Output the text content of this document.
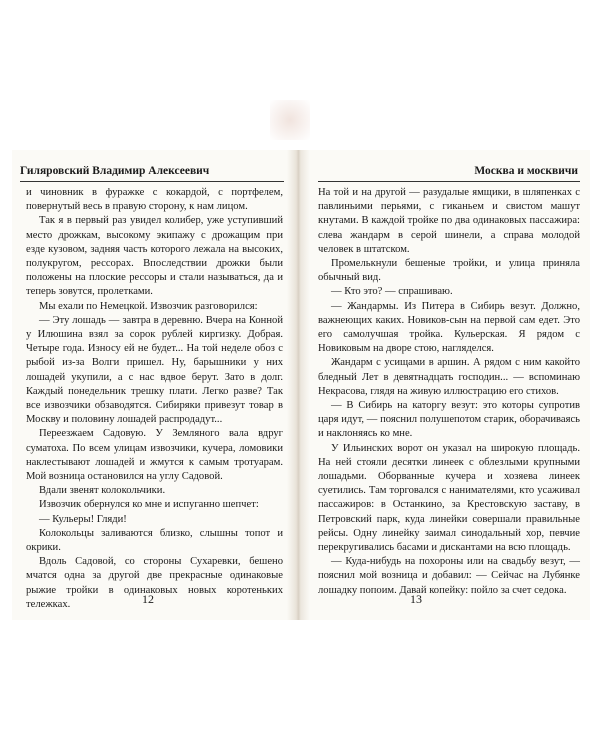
Гиляровский Владимир Алексеевич

и чиновник в фуражке с кокардой, с портфелем, повернутый весь в правую сторону, к нам лицом.

Так я в первый раз увидел колибер, уже уступивший место дрожкам, высокому экипажу с дрожащим при езде кузовом, задняя часть которого лежала на высоких, полукругом, рессорах. Впоследствии дрожки были положены на плоские рессоры и стали называться, да и теперь зовутся, пролетками.

Мы ехали по Немецкой. Извозчик разговорился:

— Эту лошадь — завтра в деревню. Вчера на Конной у Илюшина взял за сорок рублей киргизку. Добрая. Четыре года. Износу ей не будет... На той неделе обоз с рыбой из-за Волги пришел. Ну, барышники у них лошадей укупили, а с нас вдвое берут. Зато в долг. Каждый понедельник трешку плати. Легко разве? Так все извозчики обзаводятся. Сибиряки привезут товар в Москву и половину лошадей распродадут...

Переезжаем Садовую. У Земляного вала вдруг суматоха. По всем улицам извозчики, кучера, ломовики наклестывают лошадей и жмутся к самым тротуарам. Мой возница остановился на углу Садовой.

Вдали звенят колокольчики.

Извозчик обернулся ко мне и испуганно шепчет:

— Кульеры! Гляди!

Колокольцы заливаются близко, слышны топот и окрики.

Вдоль Садовой, со стороны Сухаревки, бешено мчатся одна за другой две прекрасные одинаковые рыжие тройки в одинаковых новых коротеньких тележках.	12
Москва и москвичи

На той и на другой — разудалые ямщики, в шляпенках с павлиньими перьями, с гиканьем и свистом машут кнутами. В каждой тройке по два одинаковых пассажира: слева жандарм в серой шинели, а справа молодой человек в штатском.

Промелькнули бешеные тройки, и улица приняла обычный вид.

— Кто это? — спрашиваю.

— Жандармы. Из Питера в Сибирь везут. Должно, важнеющих каких. Новиков-сын на первой сам едет. Это его самолучшая тройка. Кульерская. Я рядом с Новиковым на дворе стою, нагляделся.

Жандарм с усищами в аршин. А рядом с ним какойто бледный Лет в девятнадцать господин... — вспоминаю Некрасова, глядя на живую иллюстрацию его стихов.

— В Сибирь на каторгу везут: это которы супротив царя идут, — пояснил полушепотом старик, оборачиваясь и наклоняясь ко мне.

У Ильинских ворот он указал на широкую площадь. На ней стояли десятки линеек с облезлыми крупными лошадьми. Оборванные кучера и хозяева линеек суетились. Там торговался с нанимателями, кто усаживал пассажиров: в Останкино, за Крестовскую заставу, в Петровский парк, куда линейки совершали правильные рейсы. Одну линейку заимал синодальный хор, певчие перекругивались басами и дискантами на всю площадь.

— Куда-нибудь на похороны или на свадьбу везут, — пояснил мой возница и добавил: — Сейчас на Лубянке лошадку попоим. Давай копейку: пойло за счет седока.

13
